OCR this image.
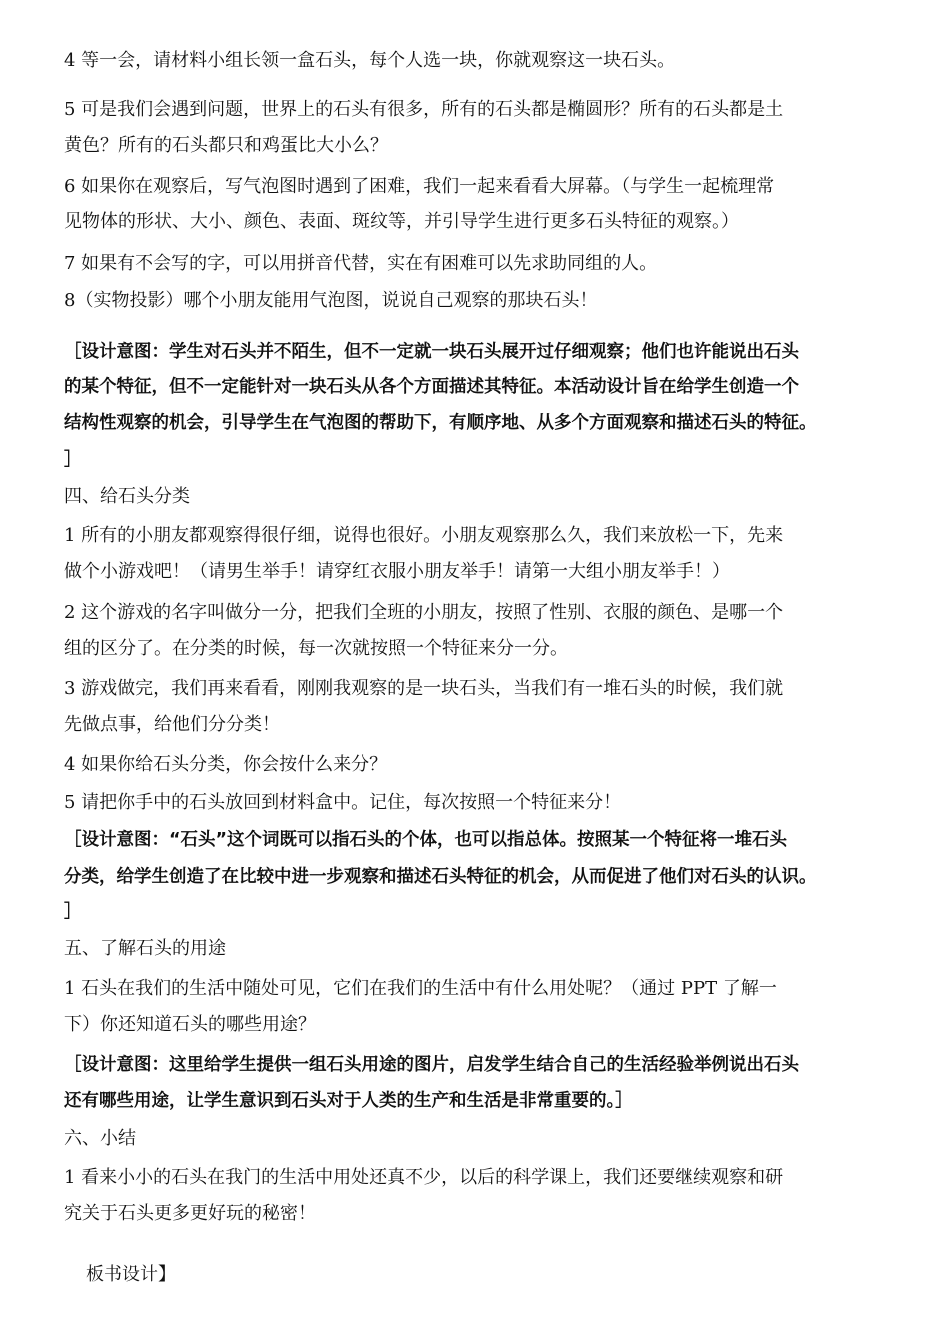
4 等一会，请材料小组长领一盒石头，每个人选一块，你就观察这一块石头。
5 可是我们会遇到问题，世界上的石头有很多，所有的石头都是椭圆形？所有的石头都是土
黄色？所有的石头都只和鸡蛋比大小么？
6 如果你在观察后，写气泡图时遇到了困难，我们一起来看看大屏幕。（与学生一起梳理常
见物体的形状、大小、颜色、表面、斑纹等，并引导学生进行更多石头特征的观察。）
7 如果有不会写的字，可以用拼音代替，实在有困难可以先求助同组的人。
8（实物投影）哪个小朋友能用气泡图，说说自己观察的那块石头！
［设计意图：学生对石头并不陌生，但不一定就一块石头展开过仔细观察；他们也许能说出石头
的某个特征，但不一定能针对一块石头从各个方面描述其特征。本活动设计旨在给学生创造一个
结构性观察的机会，引导学生在气泡图的帮助下，有顺序地、从多个方面观察和描述石头的特征。
］
四、给石头分类
1 所有的小朋友都观察得很仔细，说得也很好。小朋友观察那么久，我们来放松一下，先来
做个小游戏吧！（请男生举手！请穿红衣服小朋友举手！请第一大组小朋友举手！）
2 这个游戏的名字叫做分一分，把我们全班的小朋友，按照了性别、衣服的颜色、是哪一个
组的区分了。在分类的时候，每一次就按照一个特征来分一分。
3 游戏做完，我们再来看看，刚刚我观察的是一块石头，当我们有一堆石头的时候，我们就
先做点事，给他们分分类！
4 如果你给石头分类，你会按什么来分？
5 请把你手中的石头放回到材料盒中。记住，每次按照一个特征来分！
［设计意图：“石头”这个词既可以指石头的个体，也可以指总体。按照某一个特征将一堆石头
分类，给学生创造了在比较中进一步观察和描述石头特征的机会，从而促进了他们对石头的认识。
］
五、了解石头的用途
1 石头在我们的生活中随处可见，它们在我们的生活中有什么用处呢？（通过 PPT 了解一
下）你还知道石头的哪些用途？
［设计意图：这里给学生提供一组石头用途的图片，启发学生结合自己的生活经验举例说出石头
还有哪些用途，让学生意识到石头对于人类的生产和生活是非常重要的。］
六、小结
1 看来小小的石头在我门的生活中用处还真不少，以后的科学课上，我们还要继续观察和研
究关于石头更多更好玩的秘密！
板书设计】
